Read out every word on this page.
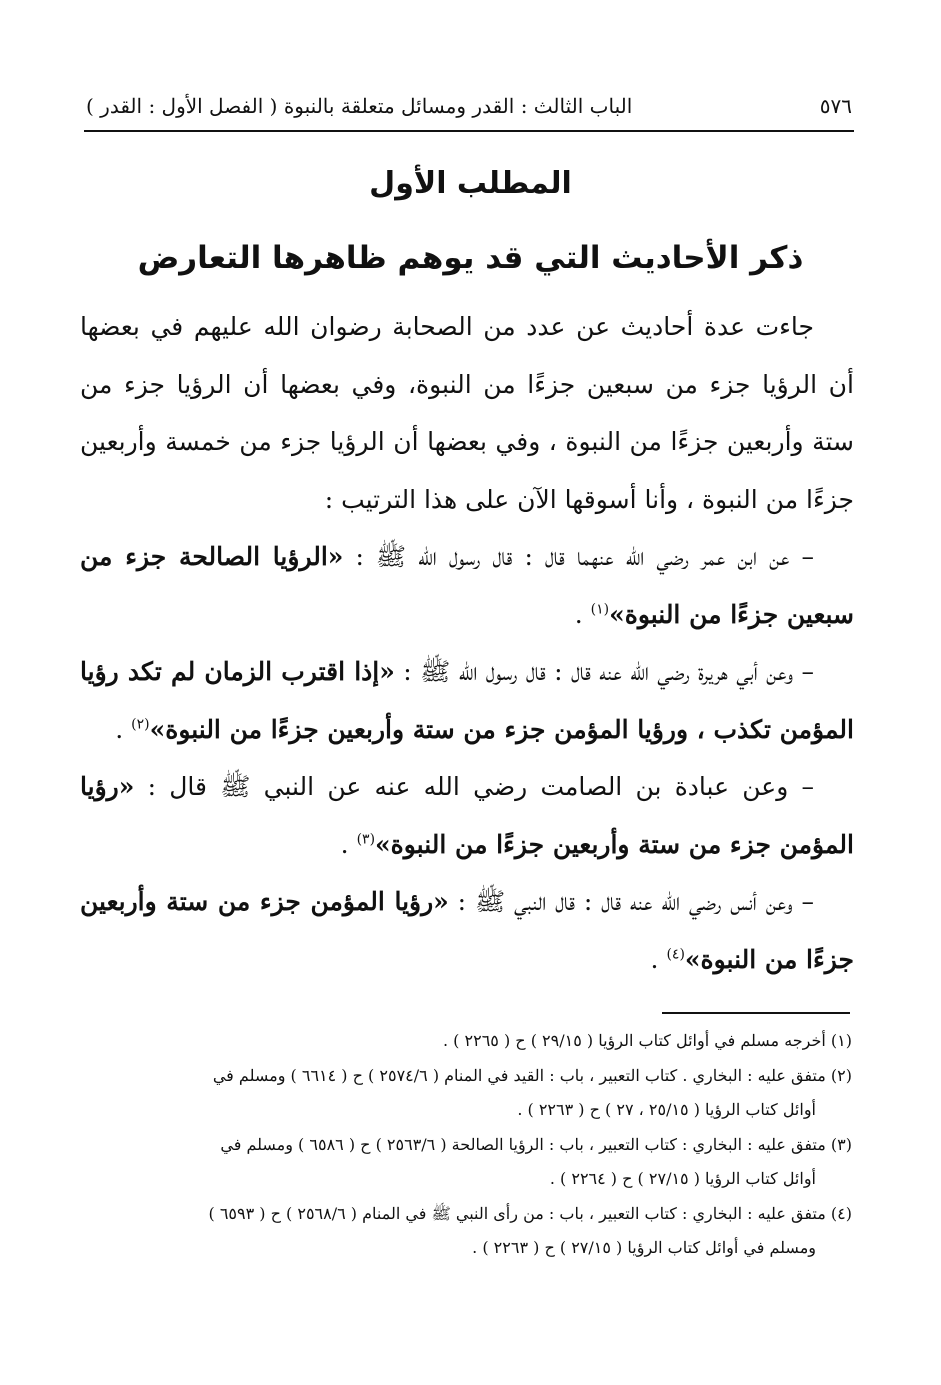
٥٧٦
الباب الثالث : القدر ومسائل متعلقة بالنبوة ( الفصل الأول : القدر )
المطلب الأول
ذكر الأحاديث التي قد يوهم ظاهرها التعارض

جاءت عدة أحاديث عن عدد من الصحابة رضوان الله عليهم في بعضها أن الرؤيا جزء من سبعين جزءًا من النبوة، وفي بعضها أن الرؤيا جزء من ستة وأربعين جزءًا من النبوة ، وفي بعضها أن الرؤيا جزء من خمسة وأربعين جزءًا من النبوة ، وأنا أسوقها الآن على هذا الترتيب :

– عن ابن عمر رضي الله عنهما قال : قال رسول الله ﷺ : «الرؤيا الصالحة جزء من سبعين جزءًا من النبوة»$^{(١)}$ .

– وعن أبي هريرة رضي الله عنه قال : قال رسول الله ﷺ : «إذا اقترب الزمان لم تكد رؤيا المؤمن تكذب ، ورؤيا المؤمن جزء من ستة وأربعين جزءًا من النبوة»$^{(٢)}$ .

– وعن عبادة بن الصامت رضي الله عنه عن النبي ﷺ قال : «رؤيا المؤمن جزء من ستة وأربعين جزءًا من النبوة»$^{(٣)}$ .

– وعن أنس رضي الله عنه قال : قال النبي ﷺ : «رؤيا المؤمن جزء من ستة وأربعين جزءًا من النبوة»$^{(٤)}$ .

(١) أخرجه مسلم في أوائل كتاب الرؤيا ( ٢٩/١٥ ) ح ( ٢٢٦٥ ) .

(٢) متفق عليه : البخاري . كتاب التعبير ، باب : القيد في المنام ( ٢٥٧٤/٦ ) ح ( ٦٦١٤ ) ومسلم في

أوائل كتاب الرؤيا ( ٢٥/١٥ ، ٢٧ ) ح ( ٢٢٦٣ ) .

(٣) متفق عليه : البخاري : كتاب التعبير ، باب : الرؤيا الصالحة ( ٢٥٦٣/٦ ) ح ( ٦٥٨٦ ) ومسلم في

أوائل كتاب الرؤيا ( ٢٧/١٥ ) ح ( ٢٢٦٤ ) .

(٤) متفق عليه : البخاري : كتاب التعبير ، باب : من رأى النبي ﷺ في المنام ( ٢٥٦٨/٦ ) ح ( ٦٥٩٣ )

ومسلم في أوائل كتاب الرؤيا ( ٢٧/١٥ ) ح ( ٢٢٦٣ ) .
